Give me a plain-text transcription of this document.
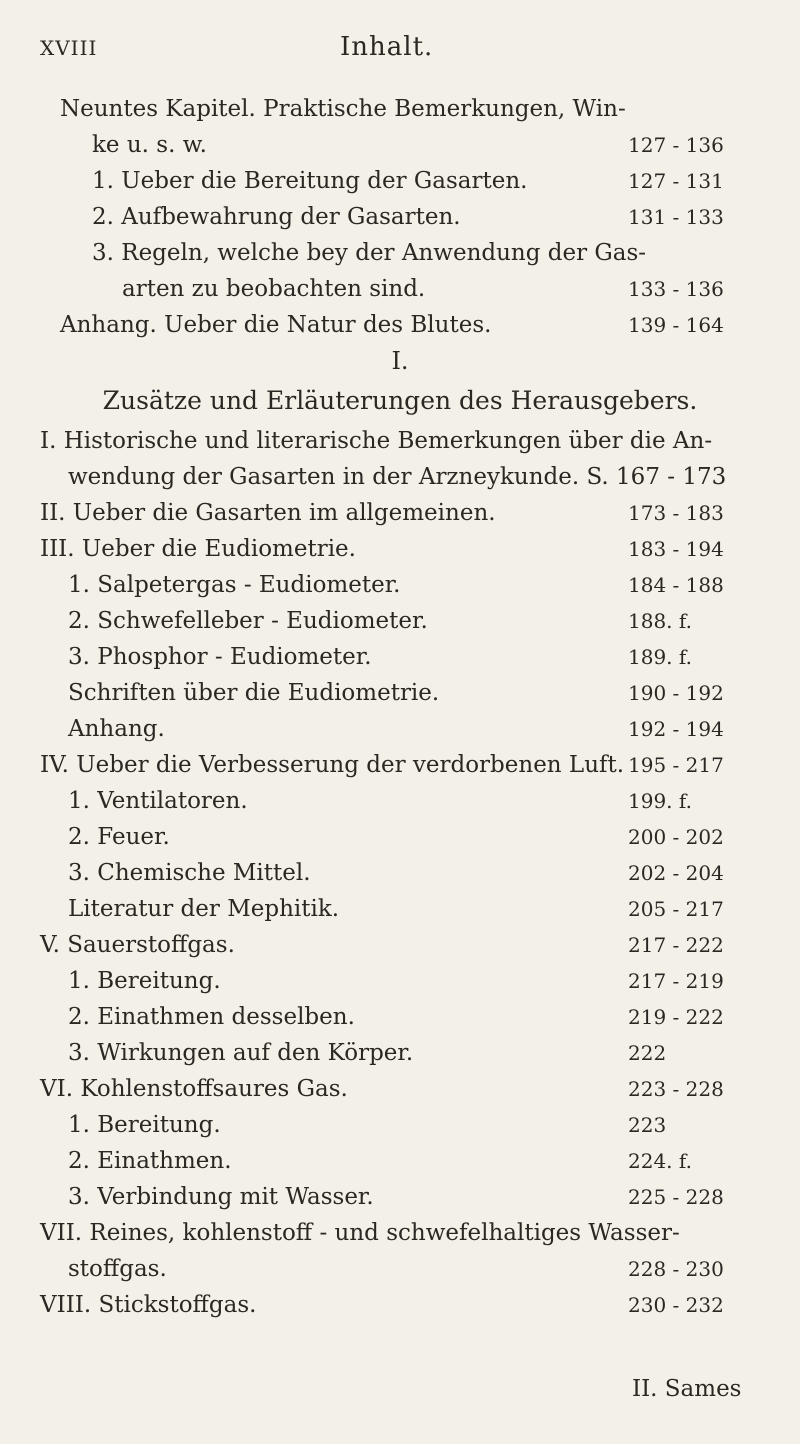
XVIII	Inhalt.
Neuntes Kapitel. Praktische Bemerkungen, Win-
ke u. s. w.	127 - 136
1. Ueber die Bereitung der Gasarten.	127 - 131
2. Aufbewahrung der Gasarten.	131 - 133
3. Regeln, welche bey der Anwendung der Gas-
arten zu beobachten sind.	133 - 136
Anhang. Ueber die Natur des Blutes.	139 - 164
I.
Zusätze und Erläuterungen des Herausgebers.
I. Historische und literarische Bemerkungen über die An-
wendung der Gasarten in der Arzneykunde. S. 167 - 173
II. Ueber die Gasarten im allgemeinen.	173 - 183
III. Ueber die Eudiometrie.	183 - 194
1. Salpetergas - Eudiometer.	184 - 188
2. Schwefelleber - Eudiometer.	188. f.
3. Phosphor - Eudiometer.	189. f.
Schriften über die Eudiometrie.	190 - 192
Anhang.	192 - 194
IV. Ueber die Verbesserung der verdorbenen Luft. 195 - 217
1. Ventilatoren.	199. f.
2. Feuer.	200 - 202
3. Chemische Mittel.	202 - 204
Literatur der Mephitik.	205 - 217
V. Sauerstoffgas.	217 - 222
1. Bereitung.	217 - 219
2. Einathmen desselben.	219 - 222
3. Wirkungen auf den Körper.	222
VI. Kohlenstoffsaures Gas.	223 - 228
1. Bereitung.	223
2. Einathmen.	224. f.
3. Verbindung mit Wasser.	225 - 228
VII. Reines, kohlenstoff - und schwefelhaltiges Wasser-
stoffgas.	228 - 230
VIII. Stickstoffgas.	230 - 232
II. Sames
